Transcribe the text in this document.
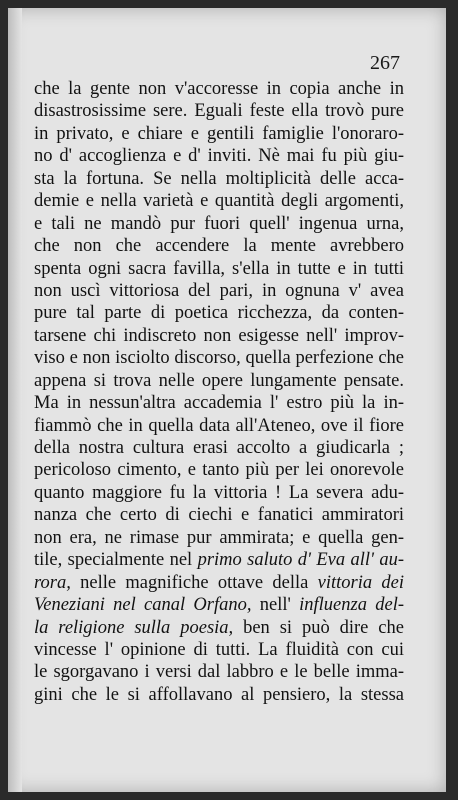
267
che la gente non v'accoresse in copia anche in
disastrosissime sere. Eguali feste ella trovò pure
in privato, e chiare e gentili famiglie l'onoraro-
no d' accoglienza e d' inviti. Nè mai fu più giu-
sta la fortuna. Se nella moltiplicità delle acca-
demie e nella varietà e quantità degli argomenti,
e tali ne mandò pur fuori quell' ingenua urna,
che non che accendere la mente avrebbero
spenta ogni sacra favilla, s'ella in tutte e in tutti
non uscì vittoriosa del pari, in ognuna v' avea
pure tal parte di poetica ricchezza, da conten-
tarsene chi indiscreto non esigesse nell' improv-
viso e non isciolto discorso, quella perfezione che
appena si trova nelle opere lungamente pensate.
Ma in nessun'altra accademia l' estro più la in-
fiammò che in quella data all'Ateneo, ove il fiore
della nostra cultura erasi accolto a giudicarla ;
pericoloso cimento, e tanto più per lei onorevole
quanto maggiore fu la vittoria ! La severa adu-
nanza che certo di ciechi e fanatici ammiratori
non era, ne rimase pur ammirata; e quella gen-
tile, specialmente nel primo saluto d' Eva all' au-
rora, nelle magnifiche ottave della vittoria dei
Veneziani nel canal Orfano, nell' influenza del-
la religione sulla poesia, ben si può dire che
vincesse l' opinione di tutti. La fluidità con cui
le sgorgavano i versi dal labbro e le belle imma-
gini che le si affollavano al pensiero, la stessa
